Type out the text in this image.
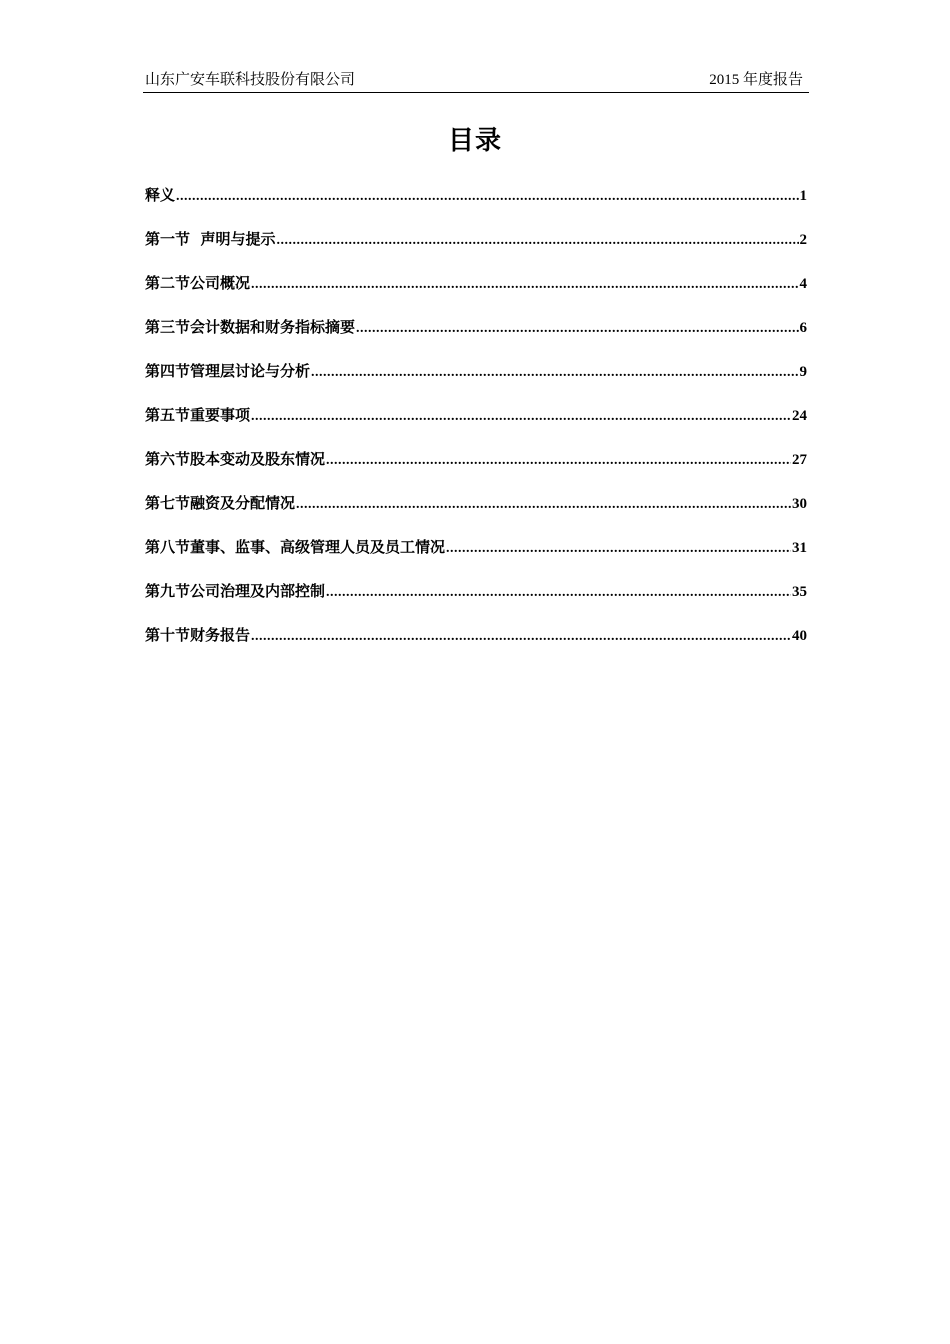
山东广安车联科技股份有限公司	2015 年度报告
目录
释义 .....	1
第一节  声明与提示 .....	2
第二节公司概况 .....	4
第三节会计数据和财务指标摘要 .....	6
第四节管理层讨论与分析 .....	9
第五节重要事项 .....	24
第六节股本变动及股东情况 .....	27
第七节融资及分配情况 .....	30
第八节董事、监事、高级管理人员及员工情况 .....	31
第九节公司治理及内部控制 .....	35
第十节财务报告 .....	40
